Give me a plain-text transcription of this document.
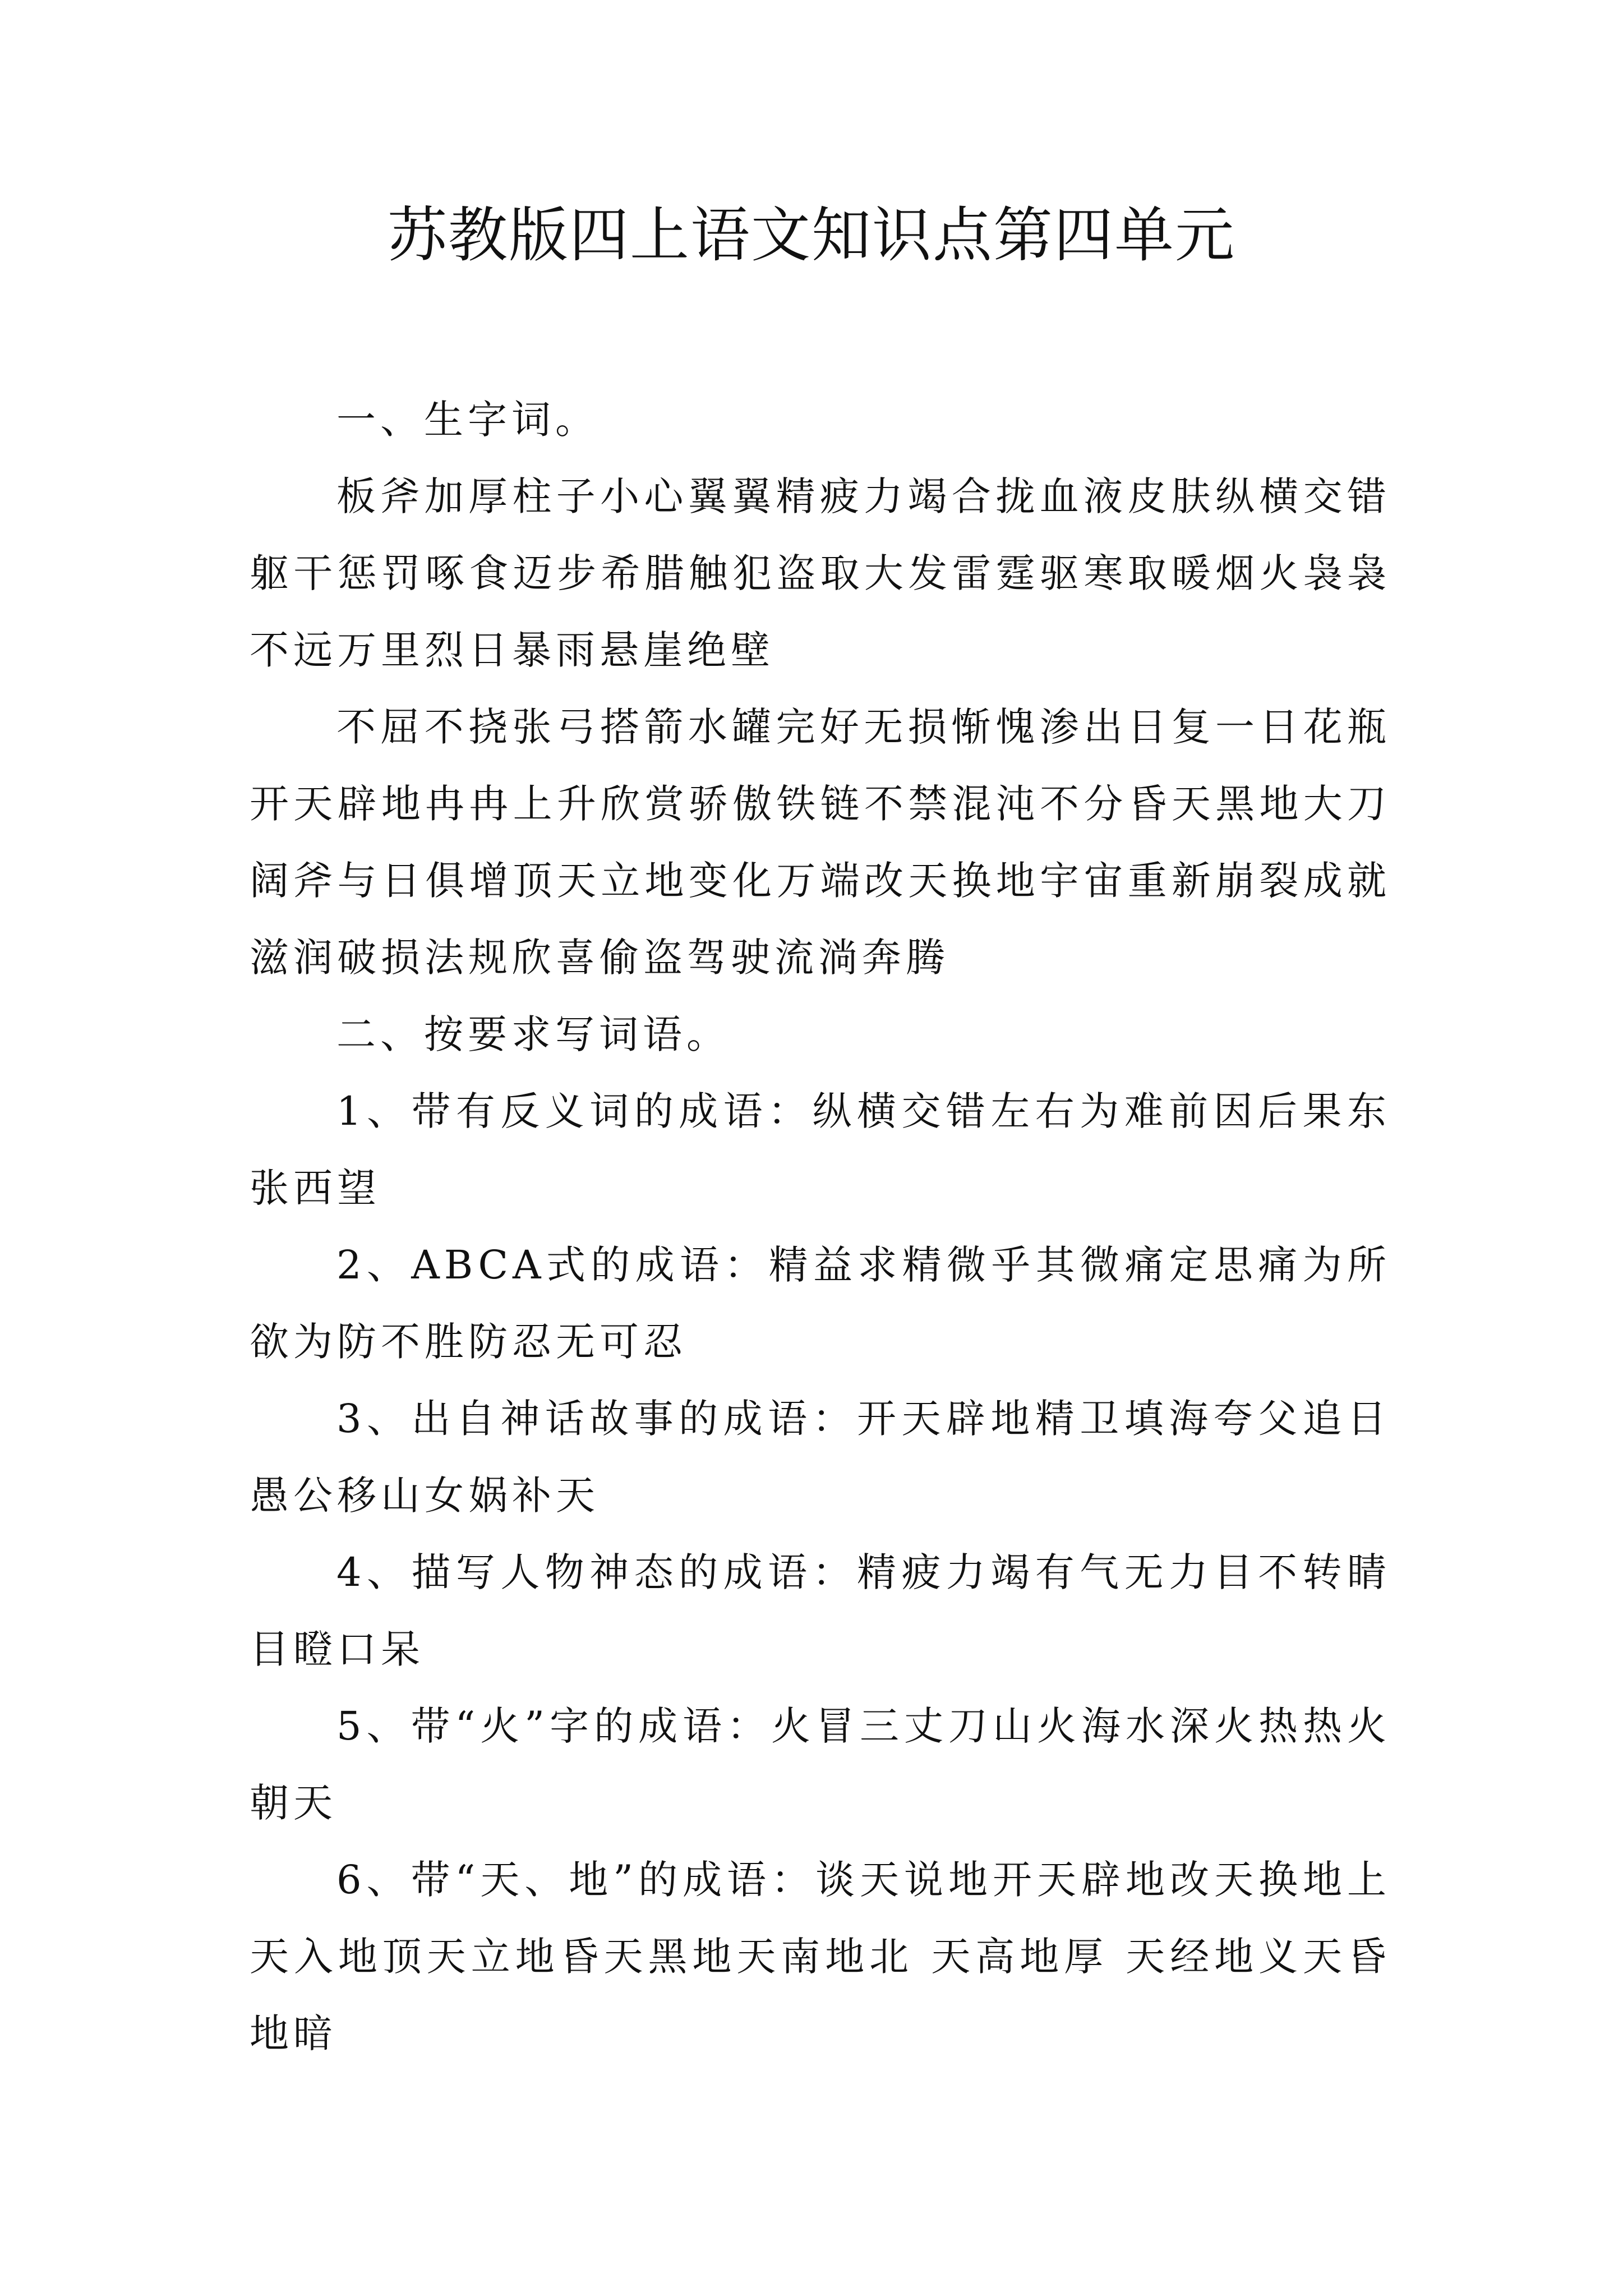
苏教版四上语文知识点第四单元

一、生字词。

板斧加厚柱子小心翼翼精疲力竭合拢血液皮肤纵横交错躯干惩罚啄食迈步希腊触犯盗取大发雷霆驱寒取暖烟火袅袅不远万里烈日暴雨悬崖绝壁

不屈不挠张弓搭箭水罐完好无损惭愧渗出日复一日花瓶开天辟地冉冉上升欣赏骄傲铁链不禁混沌不分昏天黑地大刀阔斧与日俱增顶天立地变化万端改天换地宇宙重新崩裂成就滋润破损法规欣喜偷盗驾驶流淌奔腾

二、按要求写词语。

1、带有反义词的成语：纵横交错左右为难前因后果东张西望

2、ABCA式的成语：精益求精微乎其微痛定思痛为所欲为防不胜防忍无可忍

3、出自神话故事的成语：开天辟地精卫填海夸父追日愚公移山女娲补天

4、描写人物神态的成语：精疲力竭有气无力目不转睛目瞪口呆

5、带“火”字的成语：火冒三丈刀山火海水深火热热火朝天

6、带“天、地”的成语：谈天说地开天辟地改天换地上天入地顶天立地昏天黑地天南地北 天高地厚 天经地义天昏地暗
